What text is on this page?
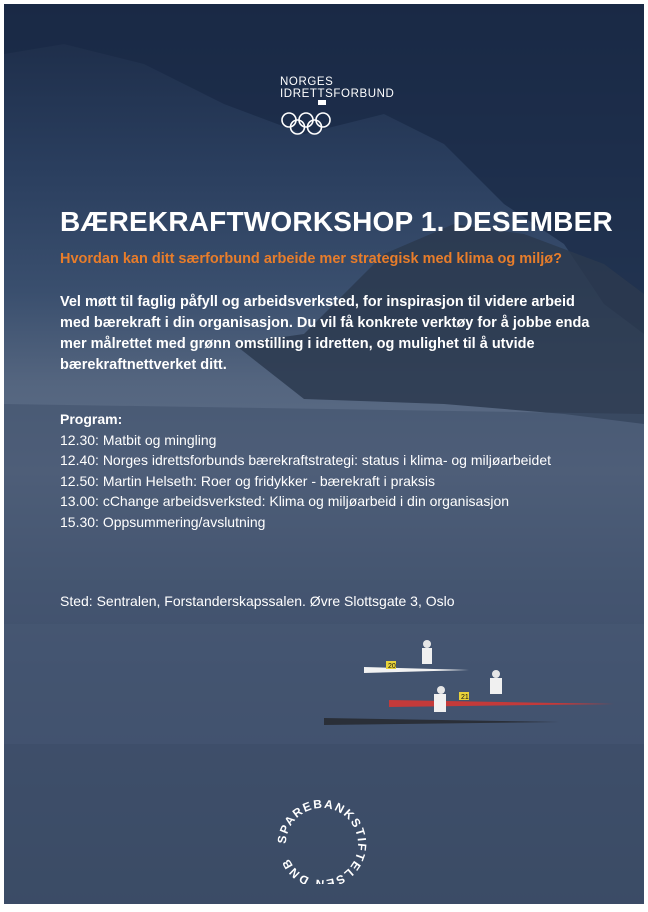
NORGES
IDRETTSFORBUND
BÆREKRAFTWORKSHOP 1. DESEMBER
Hvordan kan ditt særforbund arbeide mer strategisk med klima og miljø?
Vel møtt til faglig påfyll og arbeidsverksted, for inspirasjon til videre arbeid
med bærekraft i din organisasjon. Du vil få konkrete verktøy for å jobbe enda
mer målrettet med grønn omstilling i idretten, og mulighet til å utvide
bærekraftnettverket ditt.
Program:
12.30: Matbit og mingling
12.40: Norges idrettsforbunds bærekraftstrategi: status i klima- og miljøarbeidet
12.50: Martin Helseth: Roer og fridykker - bærekraft i praksis
13.00: cChange arbeidsverksted: Klima og miljøarbeid i din organisasjon
15.30: Oppsummering/avslutning
Sted: Sentralen, Forstanderskapssalen. Øvre Slottsgate 3, Oslo
20
21
SPAREBANKSTIFTELSEN DNB
